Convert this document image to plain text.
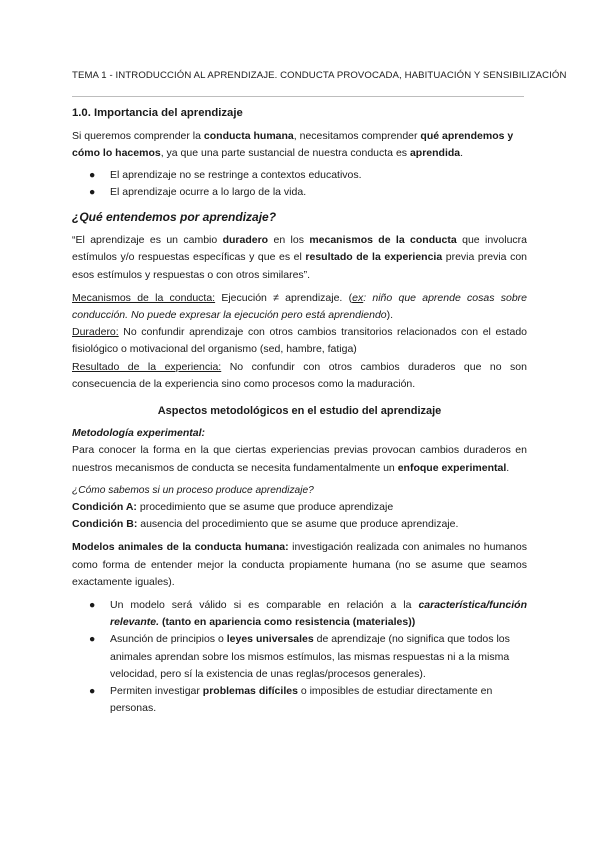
TEMA 1 - INTRODUCCIÓN AL APRENDIZAJE. CONDUCTA PROVOCADA, HABITUACIÓN Y SENSIBILIZACIÓN

1.0. Importancia del aprendizaje

Si queremos comprender la conducta humana, necesitamos comprender qué aprendemos y cómo lo hacemos, ya que una parte sustancial de nuestra conducta es aprendida.

● El aprendizaje no se restringe a contextos educativos.
● El aprendizaje ocurre a lo largo de la vida.

¿Qué entendemos por aprendizaje?

“El aprendizaje es un cambio duradero en los mecanismos de la conducta que involucra estímulos y/o respuestas específicas y que es el resultado de la experiencia previa previa con esos estímulos y respuestas o con otros similares”.

Mecanismos de la conducta: Ejecución ≠ aprendizaje. (ex: niño que aprende cosas sobre conducción. No puede expresar la ejecución pero está aprendiendo).

Duradero: No confundir aprendizaje con otros cambios transitorios relacionados con el estado fisiológico o motivacional del organismo (sed, hambre, fatiga)

Resultado de la experiencia: No confundir con otros cambios duraderos que no son consecuencia de la experiencia sino como procesos como la maduración.

Aspectos metodológicos en el estudio del aprendizaje

Metodología experimental:

Para conocer la forma en la que ciertas experiencias previas provocan cambios duraderos en nuestros mecanismos de conducta se necesita fundamentalmente un enfoque experimental.

¿Cómo sabemos si un proceso produce aprendizaje?

Condición A: procedimiento que se asume que produce aprendizaje

Condición B: ausencia del procedimiento que se asume que produce aprendizaje.

Modelos animales de la conducta humana: investigación realizada con animales no humanos como forma de entender mejor la conducta propiamente humana (no se asume que seamos exactamente iguales).

● Un modelo será válido si es comparable en relación a la característica/función relevante. (tanto en apariencia como resistencia (materiales))
● Asunción de principios o leyes universales de aprendizaje (no significa que todos los animales aprendan sobre los mismos estímulos, las mismas respuestas ni a la misma velocidad, pero sí la existencia de unas reglas/procesos generales).
● Permiten investigar problemas difíciles o imposibles de estudiar directamente en personas.
